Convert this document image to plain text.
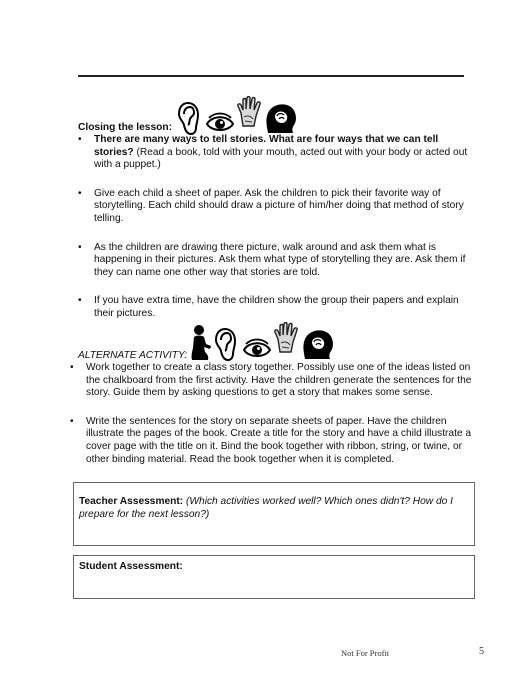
Closing the lesson:
• There are many ways to tell stories. What are four ways that we can tell stories? (Read a book, told with your mouth, acted out with your body or acted out with a puppet.)
• Give each child a sheet of paper. Ask the children to pick their favorite way of storytelling. Each child should draw a picture of him/her doing that method of story telling.
• As the children are drawing there picture, walk around and ask them what is happening in their pictures. Ask them what type of storytelling they are. Ask them if they can name one other way that stories are told.
• If you have extra time, have the children show the group their papers and explain their pictures.
ALTERNATE ACTIVITY:
• Work together to create a class story together. Possibly use one of the ideas listed on the chalkboard from the first activity. Have the children generate the sentences for the story. Guide them by asking questions to get a story that makes some sense.
• Write the sentences for the story on separate sheets of paper. Have the children illustrate the pages of the book. Create a title for the story and have a child illustrate a cover page with the title on it. Bind the book together with ribbon, string, or twine, or other binding material. Read the book together when it is completed.
Teacher Assessment: (Which activities worked well? Which ones didn't? How do I prepare for the next lesson?)
Student Assessment:
Not For Profit	5
